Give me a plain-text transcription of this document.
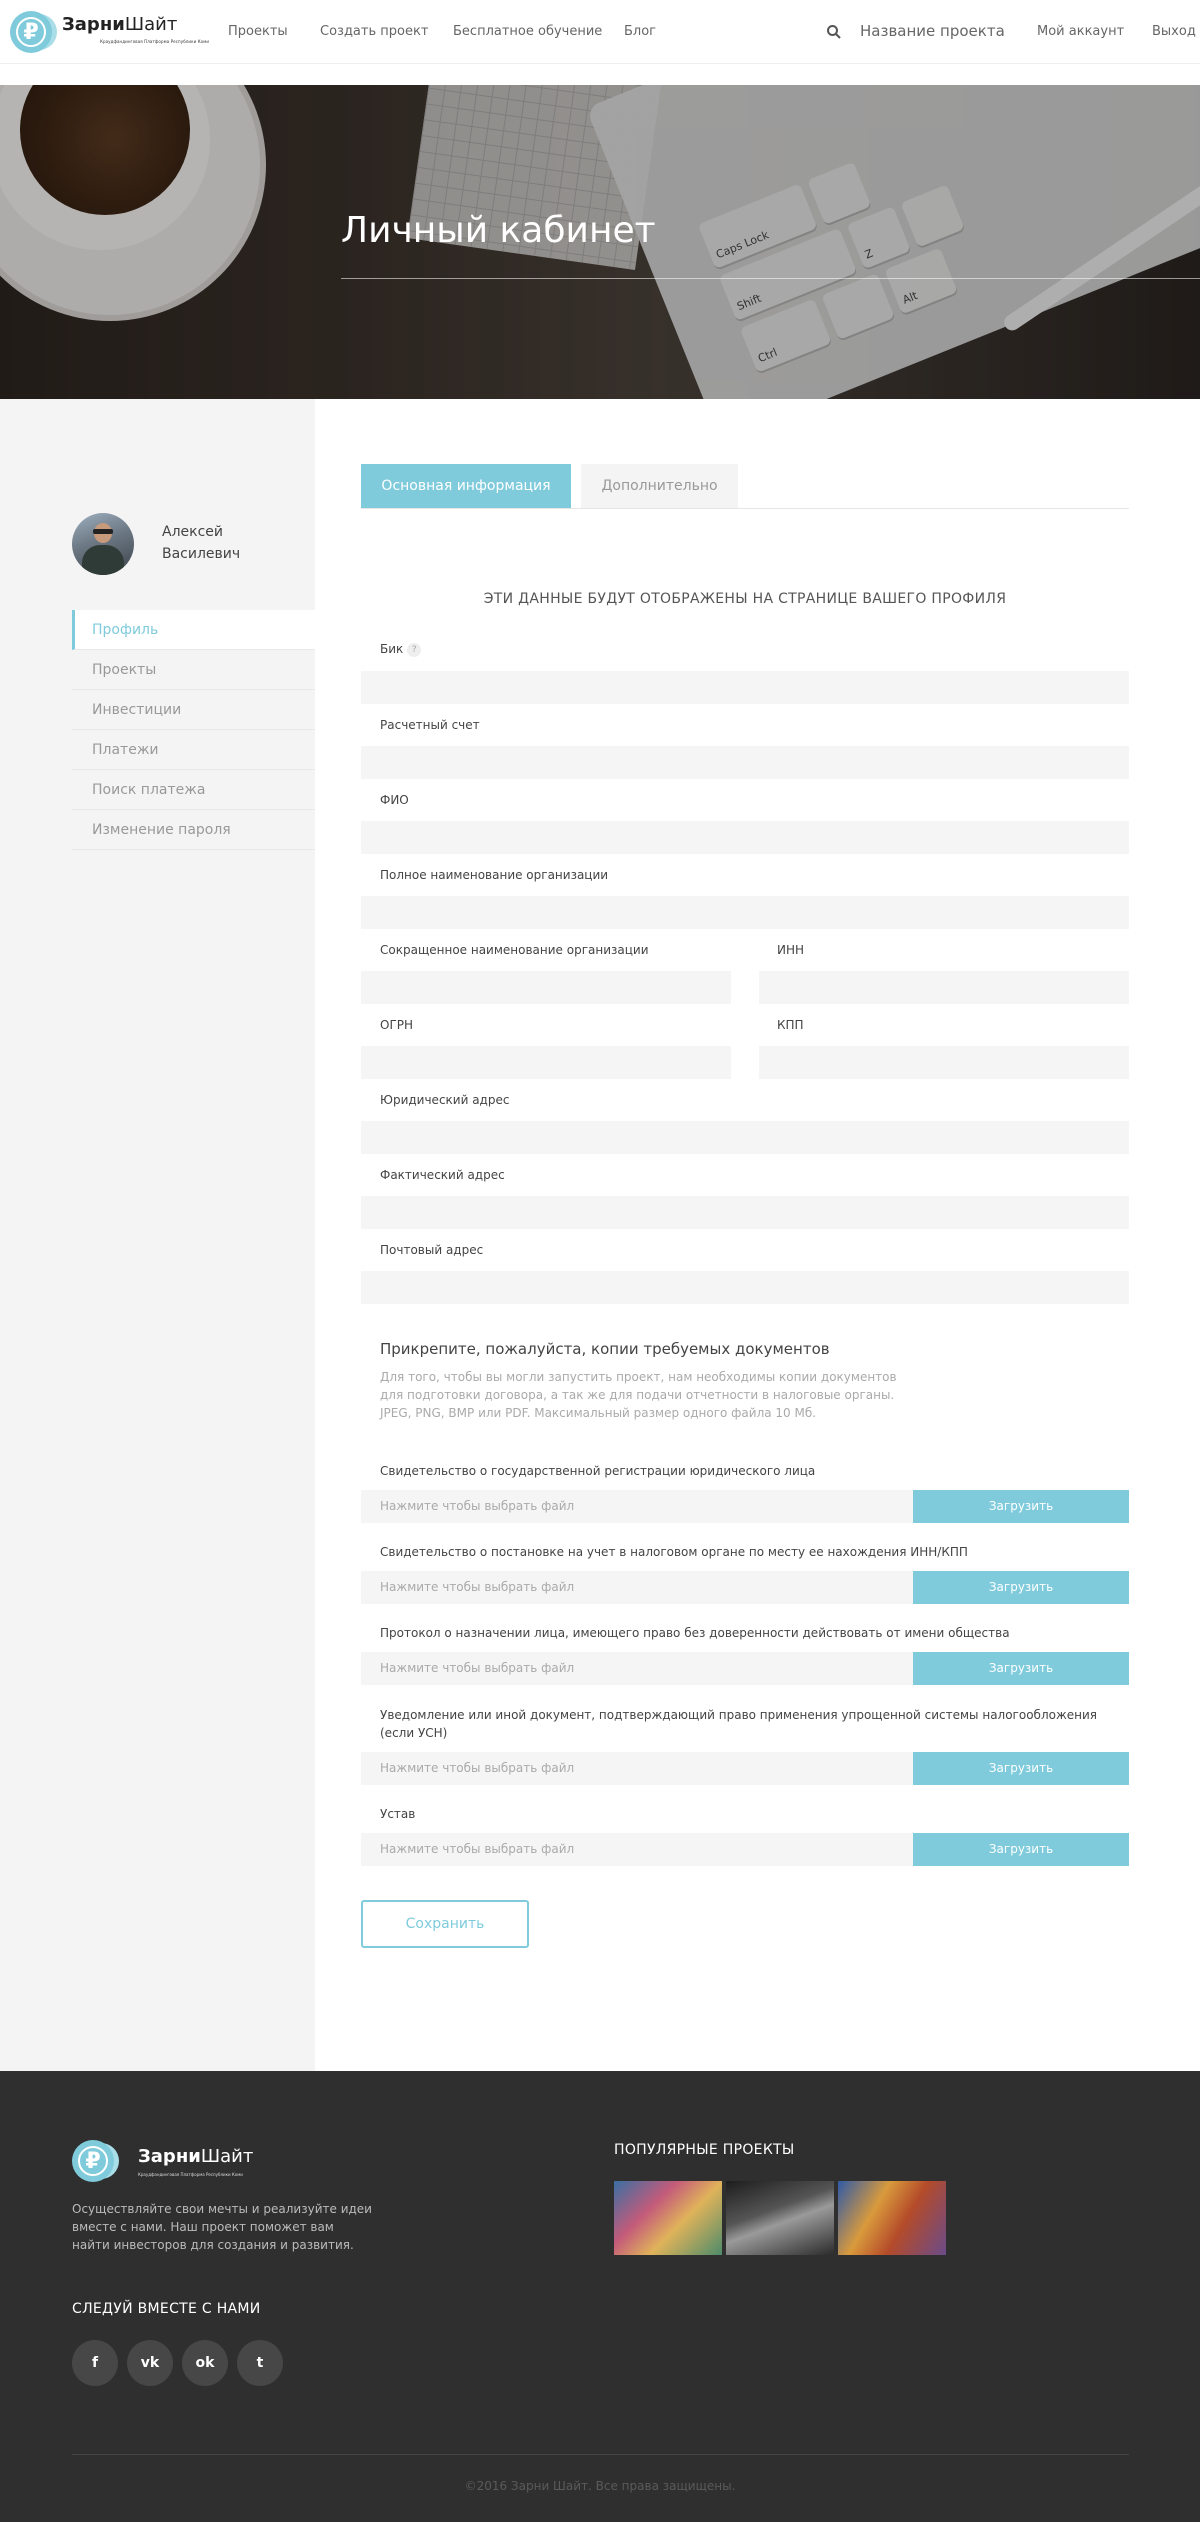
₽	ЗарниШайт
Краудфандинговая Платформа Республики Коми
Проекты Создать проект Бесплатное обучение Блог	Название проекта Мой аккаунт Выход
Caps Lock
Shift
Ctrl
Z
Alt
Личный кабинет
Алексей
Василевич
Профиль
Проекты
Инвестиции
Платежи
Поиск платежа
Изменение пароля
Основная информация	Дополнительно
ЭТИ ДАННЫЕ БУДУТ ОТОБРАЖЕНЫ НА СТРАНИЦЕ ВАШЕГО ПРОФИЛЯ
Бик ?
Расчетный счет
ФИО
Полное наименование организации
Сокращенное наименование организации	ИНН
ОГРН	КПП
Юридический адрес
Фактический адрес
Почтовый адрес
Прикрепите, пожалуйста, копии требуемых документов
Для того, чтобы вы могли запустить проект, нам необходимы копии документов для подготовки договора, а так же для подачи отчетности в налоговые органы. JPEG, PNG, BMP или PDF. Максимальный размер одного файла 10 Мб.
Свидетельство о государственной регистрации юридического лица
Нажмите чтобы выбрать файл	Загрузить
Свидетельство о постановке на учет в налоговом органе по месту ее нахождения ИНН/КПП
Нажмите чтобы выбрать файл	Загрузить
Протокол о назначении лица, имеющего право без доверенности действовать от имени общества
Нажмите чтобы выбрать файл	Загрузить
Уведомление или иной документ, подтверждающий право применения упрощенной системы налогообложения (если УСН)
Нажмите чтобы выбрать файл	Загрузить
Устав
Нажмите чтобы выбрать файл	Загрузить
Сохранить
₽	ЗарниШайт
Краудфандинговая Платформа Республики Коми
Осуществляйте свои мечты и реализуйте идеи вместе с нами. Наш проект поможет вам найти инвесторов для создания и развития.
СЛЕДУЙ ВМЕСТЕ С НАМИ
f	vk	ok	t
ПОПУЛЯРНЫЕ ПРОЕКТЫ
©2016 Зарни Шайт. Все права защищены.
